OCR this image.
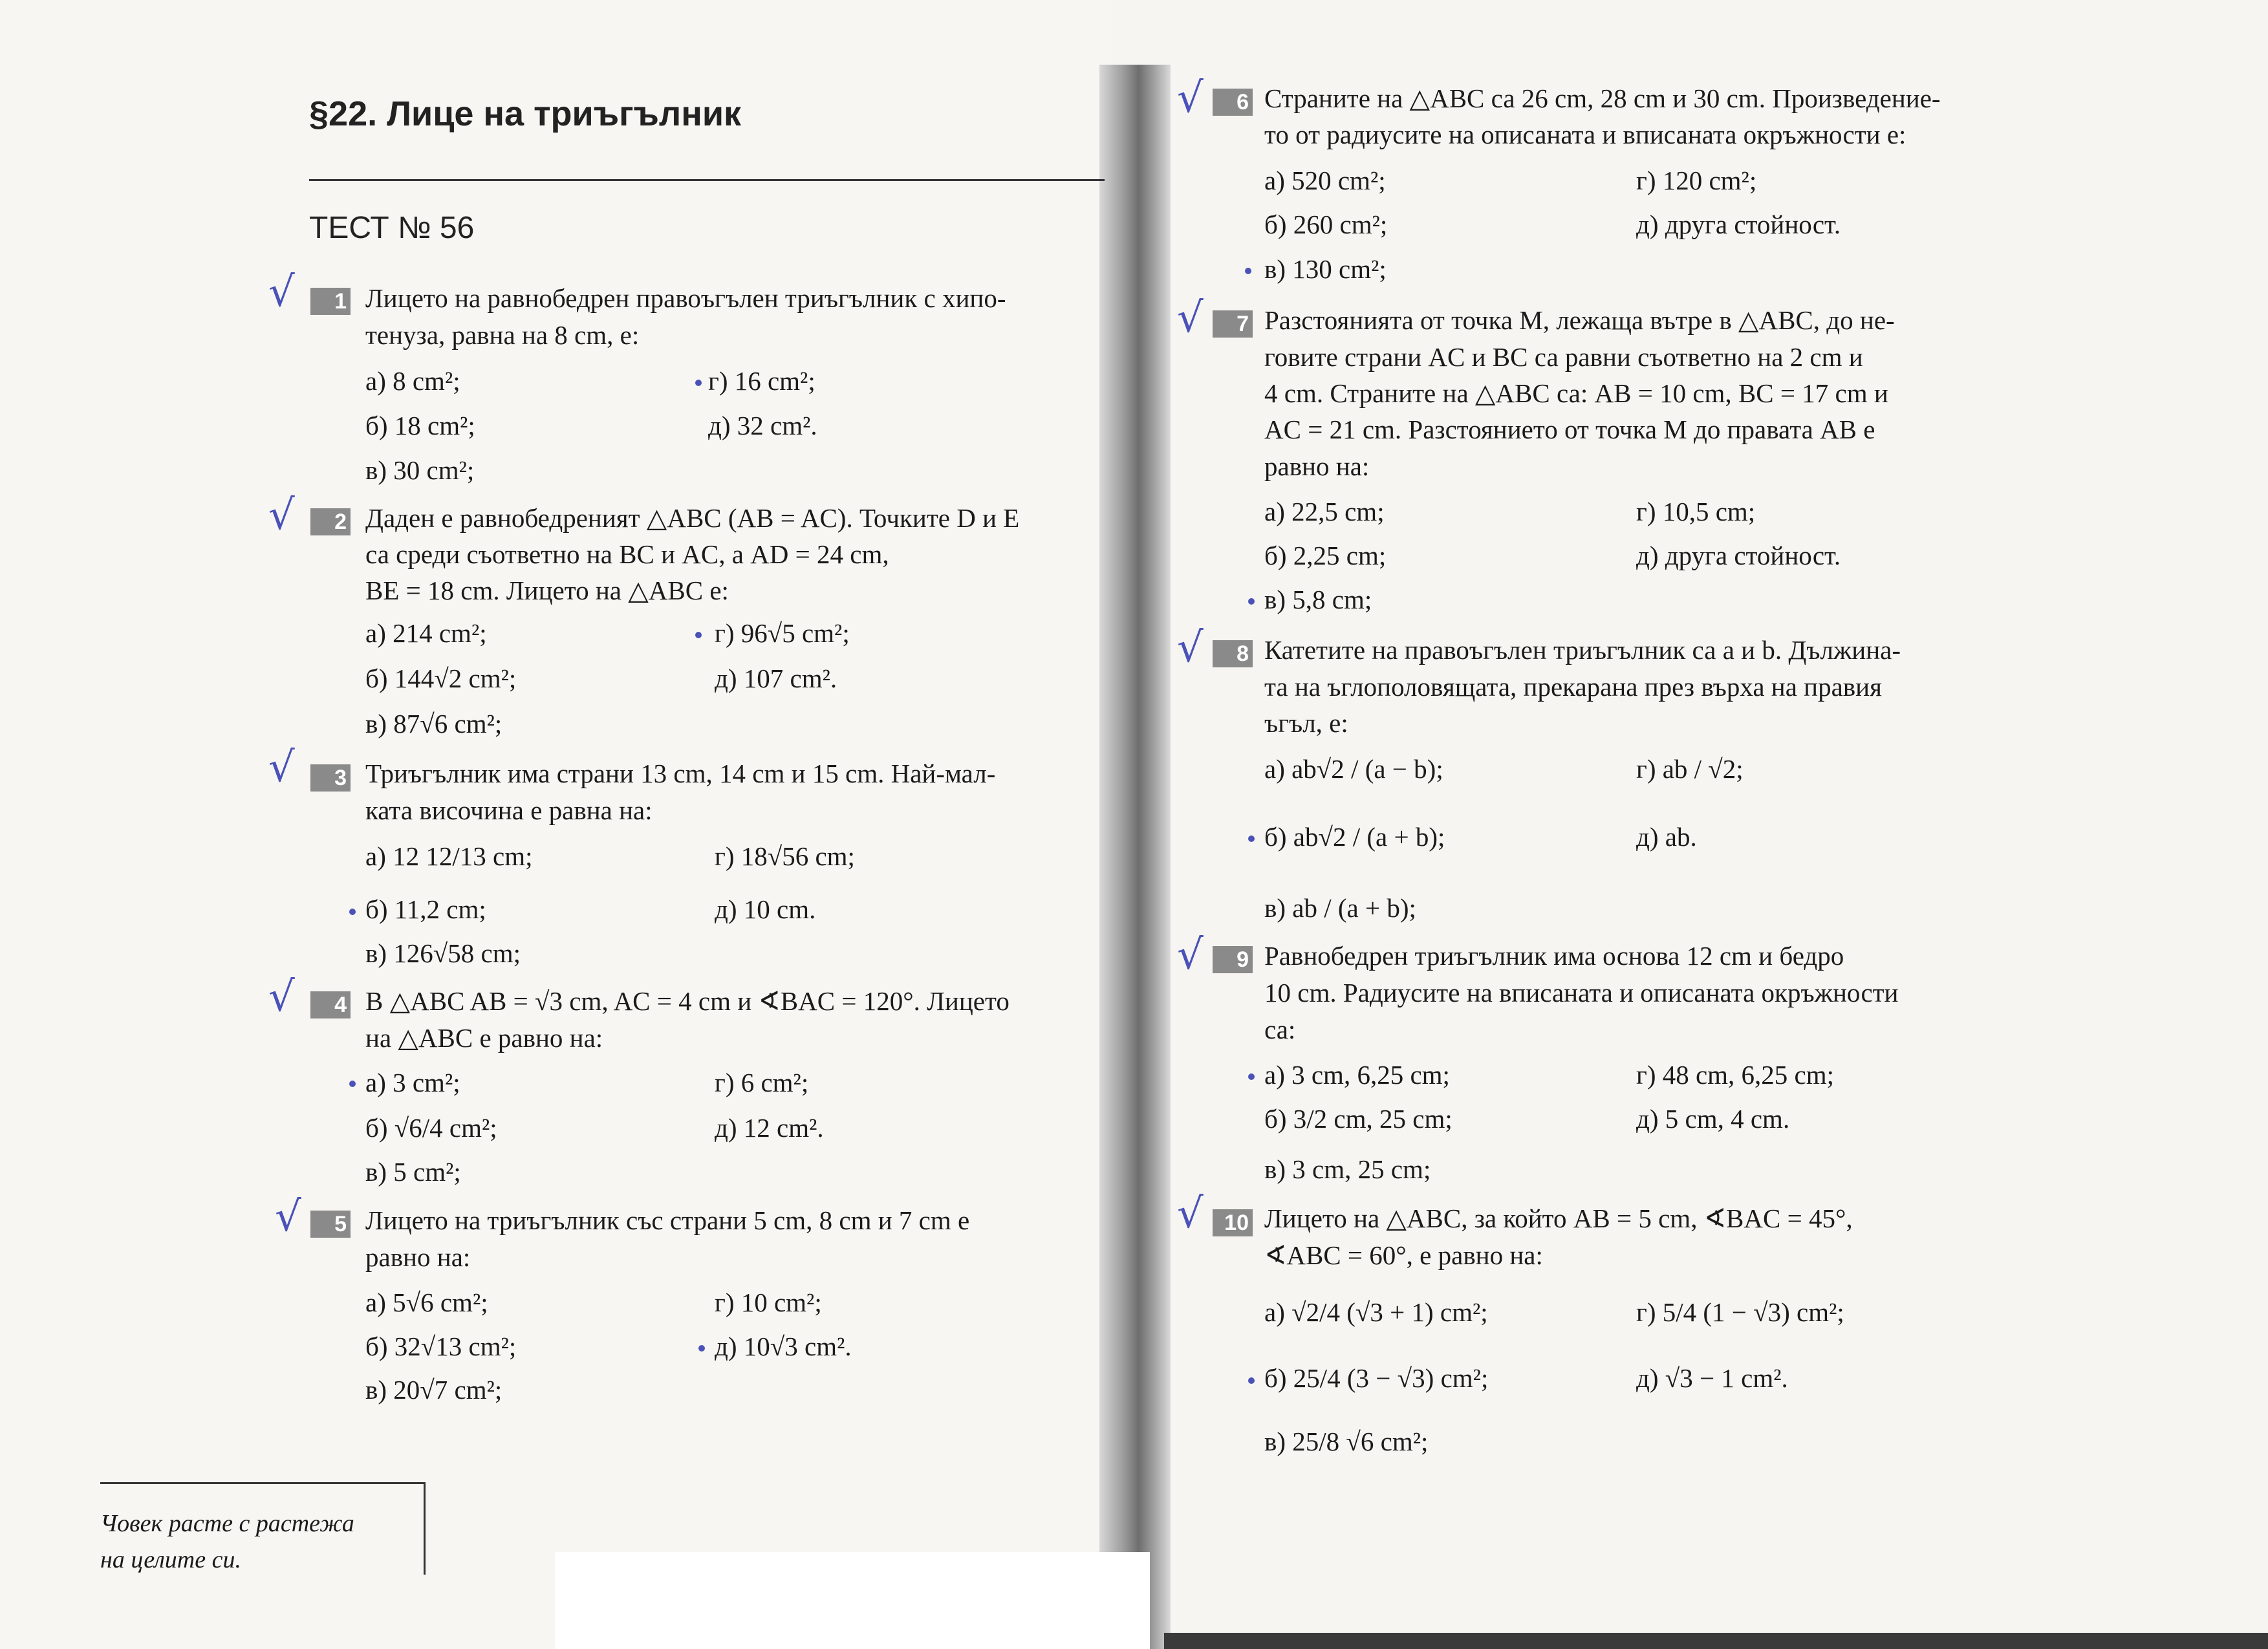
§22. Лице на триъгълник
ТЕСТ № 56
√	1 Лицето на равнобедрен правоъгълен триъгълник с хипо-
тенуза, равна на 8 cm, е:
а) 8 cm²;
б) 18 cm²;
в) 30 cm²;
г) 16 cm²;
д) 32 cm².
√	2 Даден е равнобедреният △ABC (AB = AC). Точките D и E
са среди съответно на BC и AC, а AD = 24 cm,
BE = 18 cm. Лицето на △ABC е:
а) 214 cm²;
б) 144√2 cm²;
в) 87√6 cm²;
г) 96√5 cm²;
д) 107 cm².
√	3 Триъгълник има страни 13 cm, 14 cm и 15 cm. Най-мал-
ката височина е равна на:
а) 12 12/13 cm;
б) 11,2 cm;
в) 126√58 cm;
г) 18√56 cm;
д) 10 cm.
√	4 В △ABC AB = √3 cm, AC = 4 cm и ∢BAC = 120°. Лицето
на △ABC е равно на:
а) 3 cm²;
б) √6/4 cm²;
в) 5 cm²;
г) 6 cm²;
д) 12 cm².
√	5 Лицето на триъгълник със страни 5 cm, 8 cm и 7 cm е
равно на:
а) 5√6 cm²;
б) 32√13 cm²;
в) 20√7 cm²;
г) 10 cm²;
д) 10√3 cm².
Човек расте с растежа
на целите си.
√	6 Страните на △ABC са 26 cm, 28 cm и 30 cm. Произведение-
то от радиусите на описаната и вписаната окръжности е:
а) 520 cm²;
б) 260 cm²;
в) 130 cm²;
г) 120 cm²;
д) друга стойност.
√	7 Разстоянията от точка M, лежаща вътре в △ABC, до не-
говите страни AC и BC са равни съответно на 2 cm и
4 cm. Страните на △ABC са: AB = 10 cm, BC = 17 cm и
AC = 21 cm. Разстоянието от точка M до правата AB е
равно на:
а) 22,5 cm;
б) 2,25 cm;
в) 5,8 cm;
г) 10,5 cm;
д) друга стойност.
√	8 Катетите на правоъгълен триъгълник са a и b. Дължина-
та на ъглополовящата, прекарана през върха на правия
ъгъл, е:
а) ab√2 / (a − b);
б) ab√2 / (a + b);
в) ab / (a + b);
г) ab / √2;
д) ab.
√	9 Равнобедрен триъгълник има основа 12 cm и бедро
10 cm. Радиусите на вписаната и описаната окръжности
са:
а) 3 cm, 6,25 cm;
б) 3/2 cm, 25 cm;
в) 3 cm, 25 cm;
г) 48 cm, 6,25 cm;
д) 5 cm, 4 cm.
√ 10 Лицето на △ABC, за който AB = 5 cm, ∢BAC = 45°,
∢ABC = 60°, е равно на:
а) √2/4 (√3 + 1) cm²;
б) 25/4 (3 − √3) cm²;
в) 25/8 √6 cm²;
г) 5/4 (1 − √3) cm²;
д) √3 − 1 cm².
